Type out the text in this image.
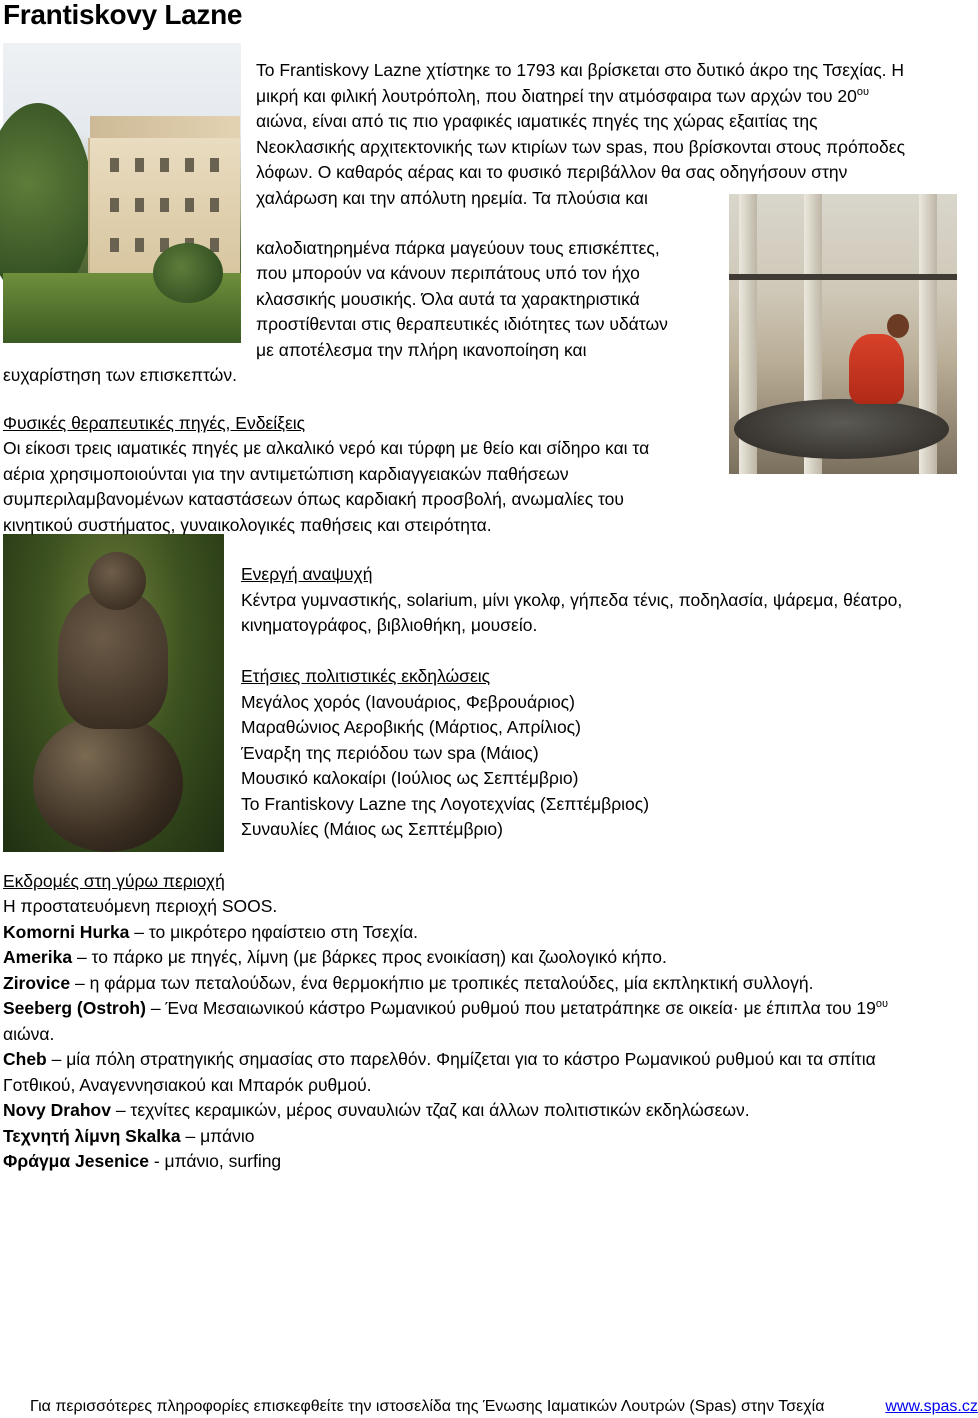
Frantiskovy Lazne
Το Frantiskovy Lazne χτίστηκε το 1793 και βρίσκεται στο δυτικό άκρο της Τσεχίας. Η
μικρή και φιλική λουτρόπολη, που διατηρεί την ατμόσφαιρα των αρχών του $20^{o\upsilon}$
αιώνα, είναι από τις πιο γραφικές ιαματικές πηγές της χώρας εξαιτίας της
Νεοκλασικής αρχιτεκτονικής των κτιρίων των spas, που βρίσκονται στους πρόποδες
λόφων. Ο καθαρός αέρας και το φυσικό περιβάλλον θα σας οδηγήσουν στην
χαλάρωση και την απόλυτη ηρεμία. Τα πλούσια και
καλοδιατηρημένα πάρκα μαγεύουν τους επισκέπτες,
που μπορούν να κάνουν περιπάτους υπό τον ήχο
κλασσικής μουσικής. Όλα αυτά τα χαρακτηριστικά
προστίθενται στις θεραπευτικές ιδιότητες των υδάτων
με αποτέλεσμα την πλήρη ικανοποίηση και
ευχαρίστηση των επισκεπτών.
Φυσικές θεραπευτικές πηγές, Ενδείξεις
Οι είκοσι τρεις ιαματικές πηγές με αλκαλικό νερό και τύρφη με θείο και σίδηρο και τα
αέρια χρησιμοποιούνται για την αντιμετώπιση καρδιαγγειακών παθήσεων
συμπεριλαμβανομένων καταστάσεων όπως καρδιακή προσβολή, ανωμαλίες του
κινητικού συστήματος, γυναικολογικές παθήσεις και στειρότητα.
Ενεργή αναψυχή
Κέντρα γυμναστικής, solarium, μίνι γκολφ, γήπεδα τένις, ποδηλασία, ψάρεμα, θέατρο,
κινηματογράφος, βιβλιοθήκη, μουσείο.
Ετήσιες πολιτιστικές εκδηλώσεις
Μεγάλος χορός (Ιανουάριος, Φεβρουάριος)
Μαραθώνιος Αεροβικής (Μάρτιος, Απρίλιος)
Έναρξη της περιόδου των spa (Μάιος)
Μουσικό καλοκαίρι (Ιούλιος ως Σεπτέμβριο)
Το Frantiskovy Lazne της Λογοτεχνίας (Σεπτέμβριος)
Συναυλίες (Μάιος ως Σεπτέμβριο)
Εκδρομές στη γύρω περιοχή
Η προστατευόμενη περιοχή SOOS.
Komorni Hurka – το μικρότερο ηφαίστειο στη Τσεχία.
Amerika – το πάρκο με πηγές, λίμνη (με βάρκες προς ενοικίαση) και ζωολογικό κήπο.
Zirovice – η φάρμα των πεταλούδων, ένα θερμοκήπιο με τροπικές πεταλούδες, μία εκπληκτική συλλογή.
Seeberg (Ostroh) – Ένα Μεσαιωνικού κάστρο Ρωμανικού ρυθμού που μετατράπηκε σε οικεία· με έπιπλα του $19^{o\upsilon}$
αιώνα.
Cheb – μία πόλη στρατηγικής σημασίας στο παρελθόν. Φημίζεται για το κάστρο Ρωμανικού ρυθμού και τα σπίτια
Γοτθικού, Αναγεννησιακού και Μπαρόκ ρυθμού.
Novy Drahov – τεχνίτες κεραμικών, μέρος συναυλιών τζαζ και άλλων πολιτιστικών εκδηλώσεων.
Τεχνητή λίμνη Skalka – μπάνιο
Φράγμα Jesenice - μπάνιο, surfing
Για περισσότερες πληροφορίες επισκεφθείτε την ιστοσελίδα της Ένωσης Ιαματικών Λουτρών (Spas) στην Τσεχία	www.spas.cz
